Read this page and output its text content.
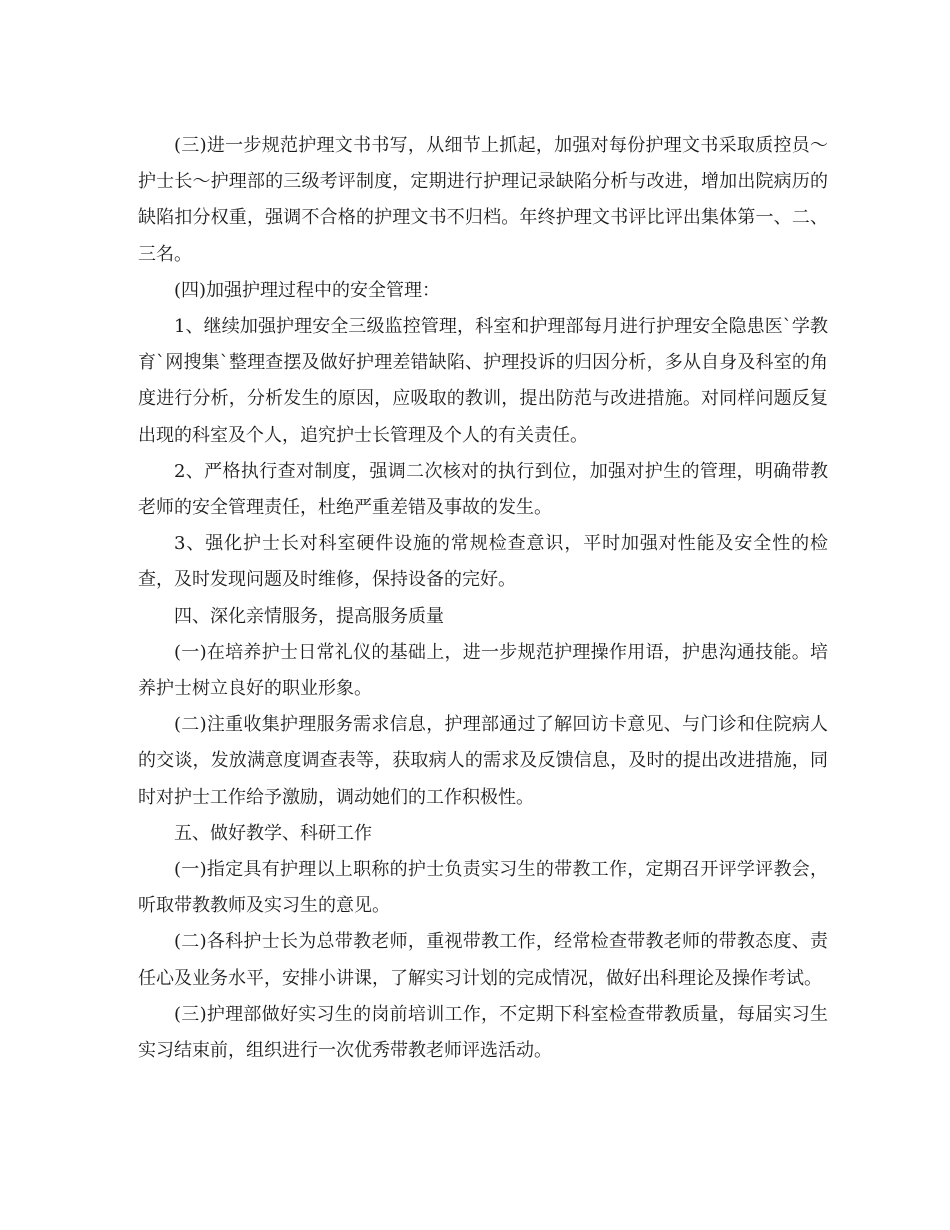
(三)进一步规范护理文书书写，从细节上抓起，加强对每份护理文书采取质控员～护士长～护理部的三级考评制度，定期进行护理记录缺陷分析与改进，增加出院病历的缺陷扣分权重，强调不合格的护理文书不归档。年终护理文书评比评出集体第一、二、三名。

(四)加强护理过程中的安全管理：

1、继续加强护理安全三级监控管理，科室和护理部每月进行护理安全隐患医`学教育`网搜集`整理查摆及做好护理差错缺陷、护理投诉的归因分析，多从自身及科室的角度进行分析，分析发生的原因，应吸取的教训，提出防范与改进措施。对同样问题反复出现的科室及个人，追究护士长管理及个人的有关责任。

2、严格执行查对制度，强调二次核对的执行到位，加强对护生的管理，明确带教老师的安全管理责任，杜绝严重差错及事故的发生。

3、强化护士长对科室硬件设施的常规检查意识，平时加强对性能及安全性的检查，及时发现问题及时维修，保持设备的完好。

四、深化亲情服务，提高服务质量

(一)在培养护士日常礼仪的基础上，进一步规范护理操作用语，护患沟通技能。培养护士树立良好的职业形象。

(二)注重收集护理服务需求信息，护理部通过了解回访卡意见、与门诊和住院病人的交谈，发放满意度调查表等，获取病人的需求及反馈信息，及时的提出改进措施，同时对护士工作给予激励，调动她们的工作积极性。

五、做好教学、科研工作

(一)指定具有护理以上职称的护士负责实习生的带教工作，定期召开评学评教会，听取带教教师及实习生的意见。

(二)各科护士长为总带教老师，重视带教工作，经常检查带教老师的带教态度、责任心及业务水平，安排小讲课，了解实习计划的完成情况，做好出科理论及操作考试。

(三)护理部做好实习生的岗前培训工作，不定期下科室检查带教质量，每届实习生实习结束前，组织进行一次优秀带教老师评选活动。
